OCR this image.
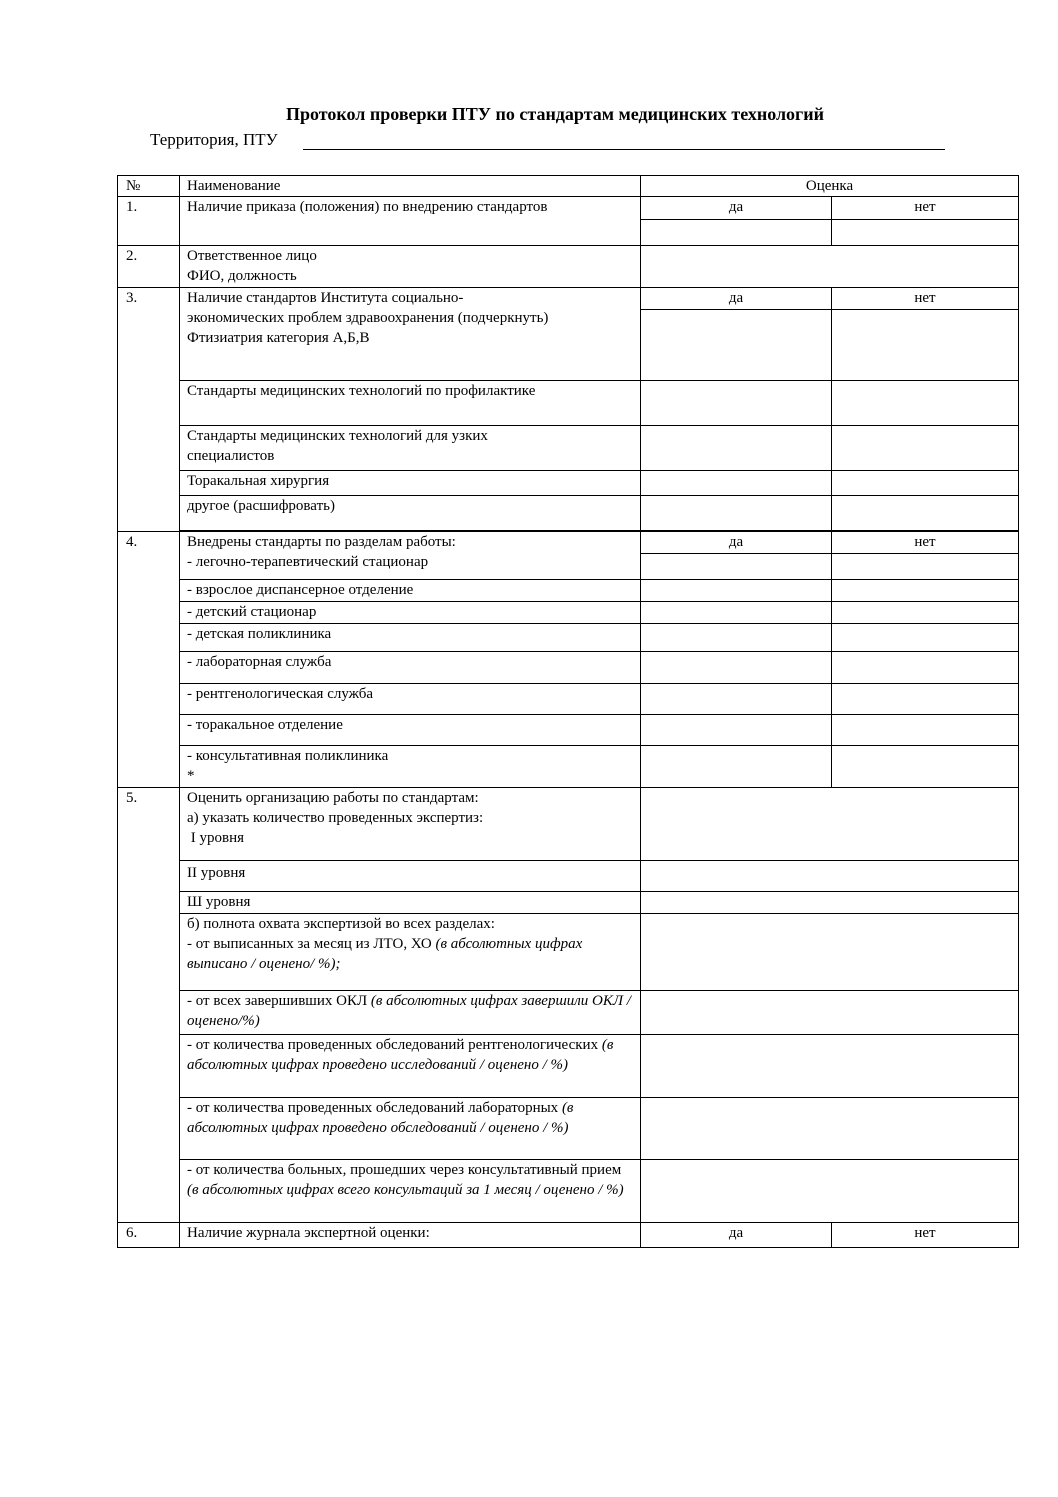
Протокол проверки ПТУ по стандартам медицинских технологий
Территория, ПТУ
№	Наименование	Оценка	
1.	Наличие приказа (положения) по внедрению стандартов	да	нет

2.	Ответственное лицо
ФИО, должность		

3.	Наличие стандартов Института социально-
экономических проблем здравоохранения (подчеркнуть)
Фтизиатрия категория А,Б,В	да	нет

	Стандарты медицинских технологий по профилактике		

	Стандарты медицинских технологий для узких
специалистов		

	Торакальная хирургия		
	другое (расшифровать)		

4.	Внедрены стандарты по разделам работы:
- легочно-терапевтический стационар	да	нет

	- взрослое диспансерное отделение		
	- детский стационар		
	- детская поликлиника		
	- лабораторная служба		
	- рентгенологическая служба		
	- торакальное отделение		

	- консультативная поликлиника
*		

5.	Оценить организацию работы по стандартам:
а) указать количество проведенных экспертиз:
I уровня		

	II уровня		
	Ш уровня		

	б) полнота охвата экспертизой во всех разделах:
- от выписанных за месяц из ЛТО, ХО (в абсолютных цифрах выписано / оценено/ %);		

	- от всех завершивших ОКЛ (в абсолютных цифрах завершили ОКЛ / оценено/%)		
	- от количества проведенных обследований рентгенологических (в абсолютных цифрах проведено исследований / оценено / %)		
	- от количества проведенных обследований лабораторных (в абсолютных цифрах проведено обследований / оценено / %)		
	- от количества больных, прошедших через консультативный прием (в абсолютных цифрах всего консультаций за 1 месяц / оценено / %)		
6.	Наличие журнала экспертной оценки:	да	нет
